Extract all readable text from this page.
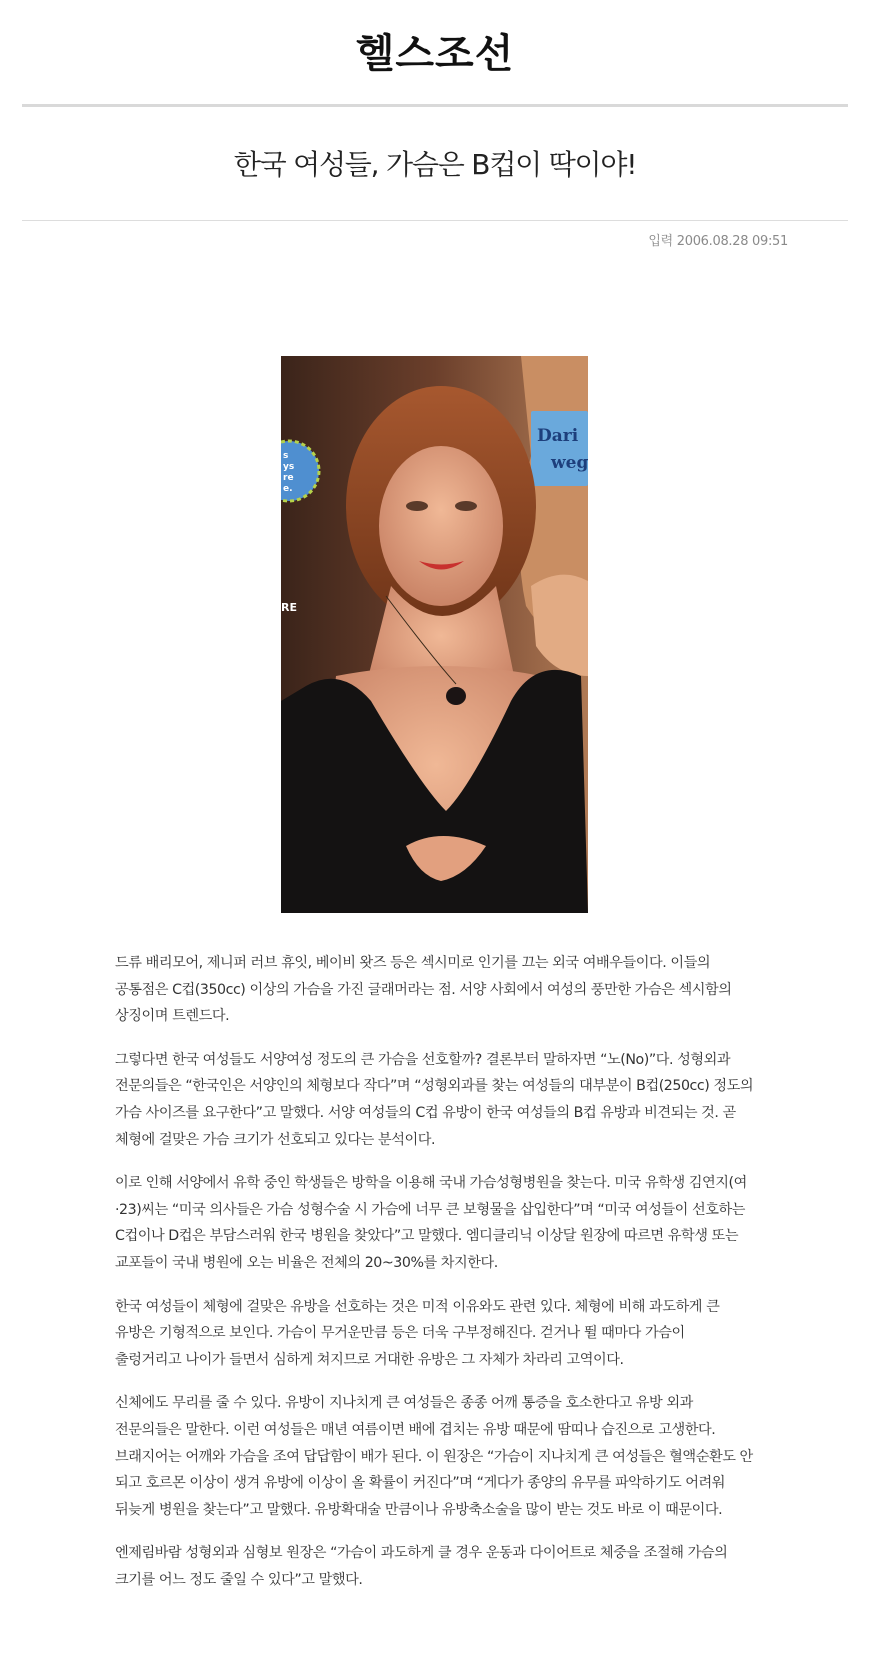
헬스조선
한국 여성들, 가슴은 B컵이 딱이야!
입력 2006.08.28 09:51
Dari
weg
s
ys
re
e.
RE

드류 배리모어, 제니퍼 러브 휴잇, 베이비 왓즈 등은 섹시미로 인기를 끄는 외국 여배우들이다. 이들의 공통점은 C컵(350cc) 이상의 가슴을 가진 글래머라는 점. 서양 사회에서 여성의 풍만한 가슴은 섹시함의 상징이며 트렌드다.

그렇다면 한국 여성들도 서양여성 정도의 큰 가슴을 선호할까? 결론부터 말하자면 “노(No)”다. 성형외과 전문의들은 “한국인은 서양인의 체형보다 작다”며 “성형외과를 찾는 여성들의 대부분이 B컵(250cc) 정도의 가슴 사이즈를 요구한다”고 말했다. 서양 여성들의 C컵 유방이 한국 여성들의 B컵 유방과 비견되는 것. 곧 체형에 걸맞은 가슴 크기가 선호되고 있다는 분석이다.

이로 인해 서양에서 유학 중인 학생들은 방학을 이용해 국내 가슴성형병원을 찾는다. 미국 유학생 김연지(여·23)씨는 “미국 의사들은 가슴 성형수술 시 가슴에 너무 큰 보형물을 삽입한다”며 “미국 여성들이 선호하는 C컵이나 D컵은 부담스러워 한국 병원을 찾았다”고 말했다. 엠디클리닉 이상달 원장에 따르면 유학생 또는 교포들이 국내 병원에 오는 비율은 전체의 20~30%를 차지한다.

한국 여성들이 체형에 걸맞은 유방을 선호하는 것은 미적 이유와도 관련 있다. 체형에 비해 과도하게 큰 유방은 기형적으로 보인다. 가슴이 무거운만큼 등은 더욱 구부정해진다. 걷거나 뛸 때마다 가슴이 출렁거리고 나이가 들면서 심하게 쳐지므로 거대한 유방은 그 자체가 차라리 고역이다.

신체에도 무리를 줄 수 있다. 유방이 지나치게 큰 여성들은 종종 어깨 통증을 호소한다고 유방 외과 전문의들은 말한다. 이런 여성들은 매년 여름이면 배에 겹치는 유방 때문에 땀띠나 습진으로 고생한다. 브래지어는 어깨와 가슴을 조여 답답함이 배가 된다. 이 원장은 “가슴이 지나치게 큰 여성들은 혈액순환도 안 되고 호르몬 이상이 생겨 유방에 이상이 올 확률이 커진다”며 “게다가 종양의 유무를 파악하기도 어려워 뒤늦게 병원을 찾는다”고 말했다. 유방확대술 만큼이나 유방축소술을 많이 받는 것도 바로 이 때문이다.

엔제림바람 성형외과 심형보 원장은 “가슴이 과도하게 클 경우 운동과 다이어트로 체중을 조절해 가슴의 크기를 어느 정도 줄일 수 있다”고 말했다.
